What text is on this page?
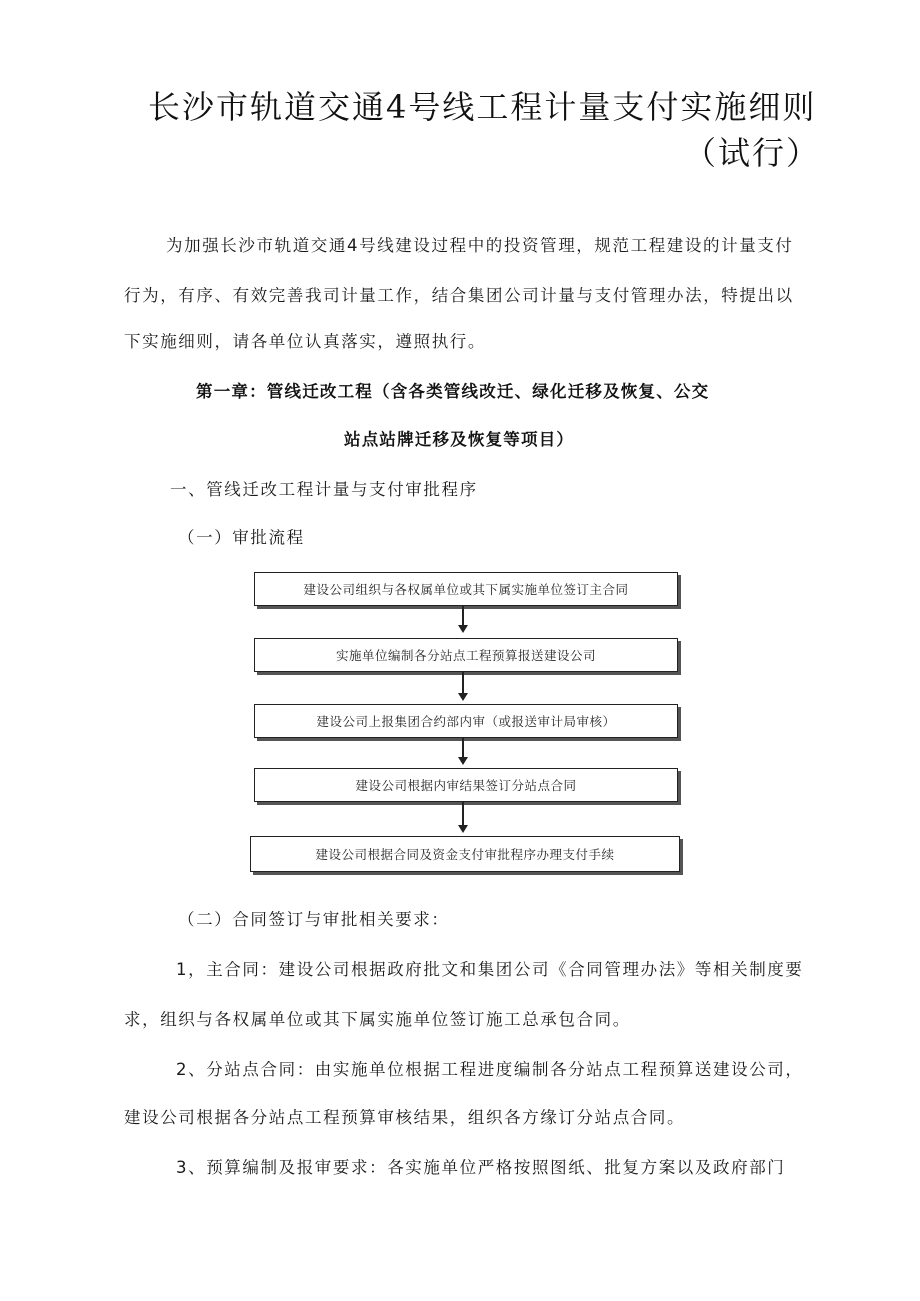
长沙市轨道交通4号线工程计量支付实施细则
（试行）
为加强长沙市轨道交通4号线建设过程中的投资管理，规范工程建设的计量支付
行为，有序、有效完善我司计量工作，结合集团公司计量与支付管理办法，特提出以
下实施细则，请各单位认真落实，遵照执行。
第一章：管线迁改工程（含各类管线改迁、绿化迁移及恢复、公交
站点站牌迁移及恢复等项目）
一、管线迁改工程计量与支付审批程序
（一）审批流程
建设公司组织与各权属单位或其下属实施单位签订主合同
实施单位编制各分站点工程预算报送建设公司
建设公司上报集团合约部内审（或报送审计局审核）
建设公司根据内审结果签订分站点合同
建设公司根据合同及资金支付审批程序办理支付手续
（二）合同签订与审批相关要求：
1，主合同：建设公司根据政府批文和集团公司《合同管理办法》等相关制度要
求，组织与各权属单位或其下属实施单位签订施工总承包合同。
2、分站点合同：由实施单位根据工程进度编制各分站点工程预算送建设公司，
建设公司根据各分站点工程预算审核结果，组织各方缘订分站点合同。
3、预算编制及报审要求：各实施单位严格按照图纸、批复方案以及政府部门
